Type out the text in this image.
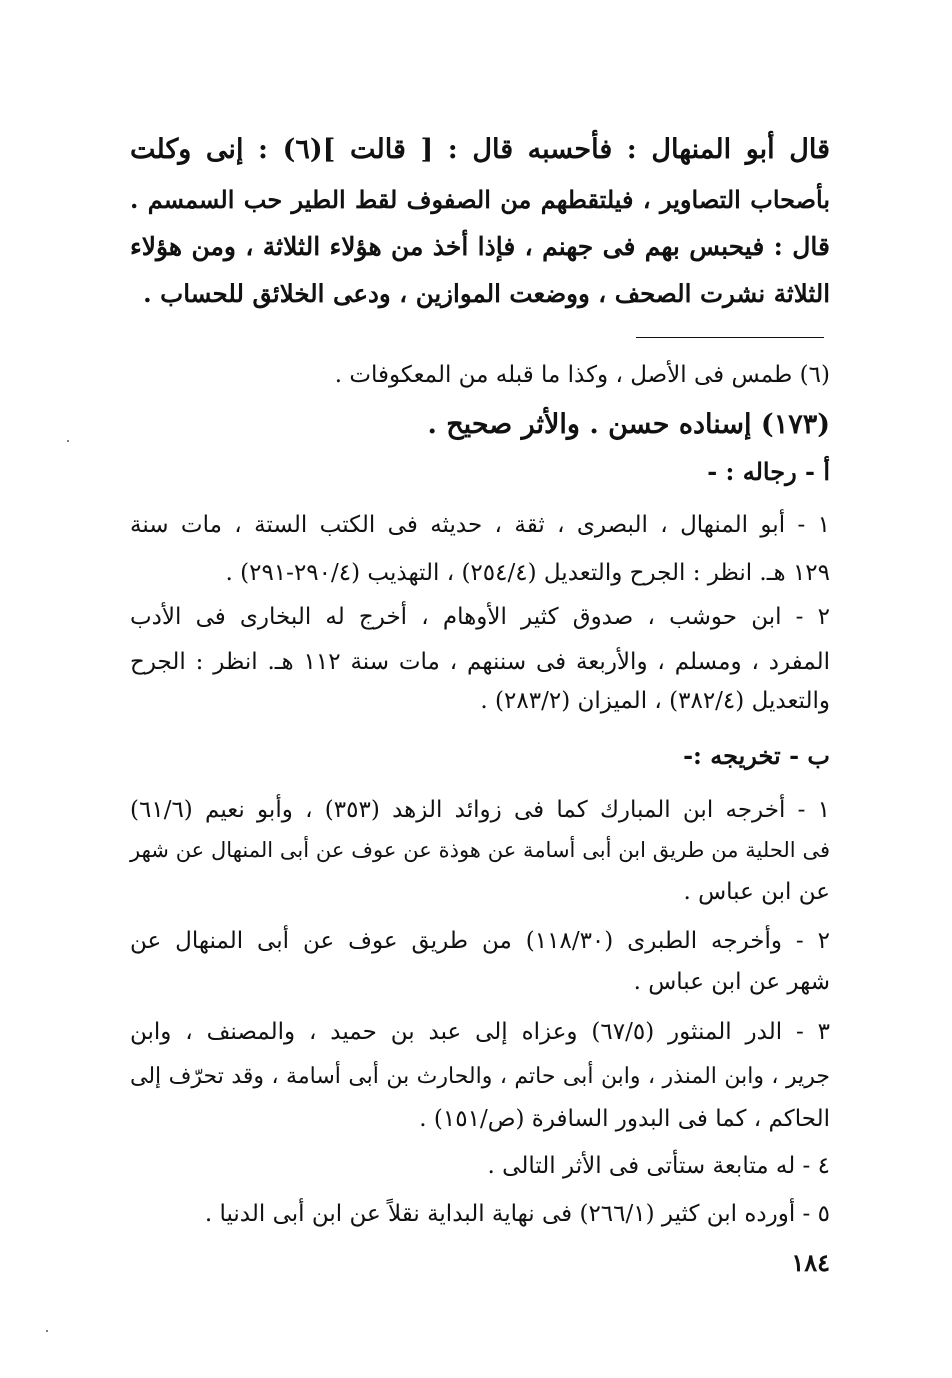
قال أبو المنهال : فأحسبه قال : [ قالت ](٦) : إنى وكلت
بأصحاب التصاوير ، فيلتقطهم من الصفوف لقط الطير حب السمسم .
قال : فيحبس بهم فى جهنم ، فإذا أخذ من هؤلاء الثلاثة ، ومن هؤلاء
الثلاثة نشرت الصحف ، ووضعت الموازين ، ودعى الخلائق للحساب .
(٦) طمس فى الأصل ، وكذا ما قبله من المعكوفات .
(١٧٣) إسناده حسن . والأثر صحيح .
أ - رجاله : -
١ - أبو المنهال ، البصرى ، ثقة ، حديثه فى الكتب الستة ، مات سنة
١٢٩ هـ. انظر : الجرح والتعديل (٢٥٤/٤) ، التهذيب (٢٩٠/٤-٢٩١) .
٢ - ابن حوشب ، صدوق كثير الأوهام ، أخرج له البخارى فى الأدب
المفرد ، ومسلم ، والأربعة فى سننهم ، مات سنة ١١٢ هـ. انظر : الجرح
والتعديل (٣٨٢/٤) ، الميزان (٢٨٣/٢) .
ب - تخريجه :-
١ - أخرجه ابن المبارك كما فى زوائد الزهد (٣٥٣) ، وأبو نعيم (٦١/٦)
فى الحلية من طريق ابن أبى أسامة عن هوذة عن عوف عن أبى المنهال عن شهر
عن ابن عباس .
٢ - وأخرجه الطبرى (١١٨/٣٠) من طريق عوف عن أبى المنهال عن
شهر عن ابن عباس .
٣ - الدر المنثور (٦٧/٥) وعزاه إلى عبد بن حميد ، والمصنف ، وابن
جرير ، وابن المنذر ، وابن أبى حاتم ، والحارث بن أبى أسامة ، وقد تحرّف إلى
الحاكم ، كما فى البدور السافرة (ص/١٥١) .
٤ - له متابعة ستأتى فى الأثر التالى .
٥ - أورده ابن كثير (٢٦٦/١) فى نهاية البداية نقلاً عن ابن أبى الدنيا .
١٨٤
